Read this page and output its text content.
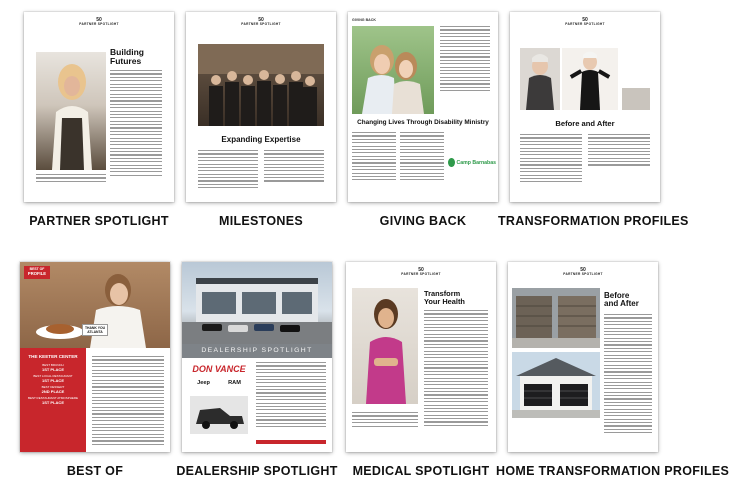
50
PARTNER SPOTLIGHT
Building
Futures
PARTNER SPOTLIGHT
50
PARTNER SPOTLIGHT
Expanding Expertise
MILESTONES
GIVING BACK
Changing Lives Through Disability Ministry
Camp Barnabas
GIVING BACK
50
PARTNER SPOTLIGHT
Before and After
TRANSFORMATION PROFILES
BEST OF
PROFILE
THANK YOU ATLANTA
THE KEETER CENTER
BEST BRUNCH
1ST PLACE
BEST LOCAL RESTAURANT
1ST PLACE
BEST DESSERT
2ND PLACE
BEST RESTAURANT ATMOSPHERE
1ST PLACE
BEST OF
DEALERSHIP SPOTLIGHT
DON VANCE
Jeep	RAM
DEALERSHIP SPOTLIGHT
50
PARTNER SPOTLIGHT
Transform
Your Health
MEDICAL SPOTLIGHT
50
PARTNER SPOTLIGHT
Before
and After
HOME TRANSFORMATION PROFILES
